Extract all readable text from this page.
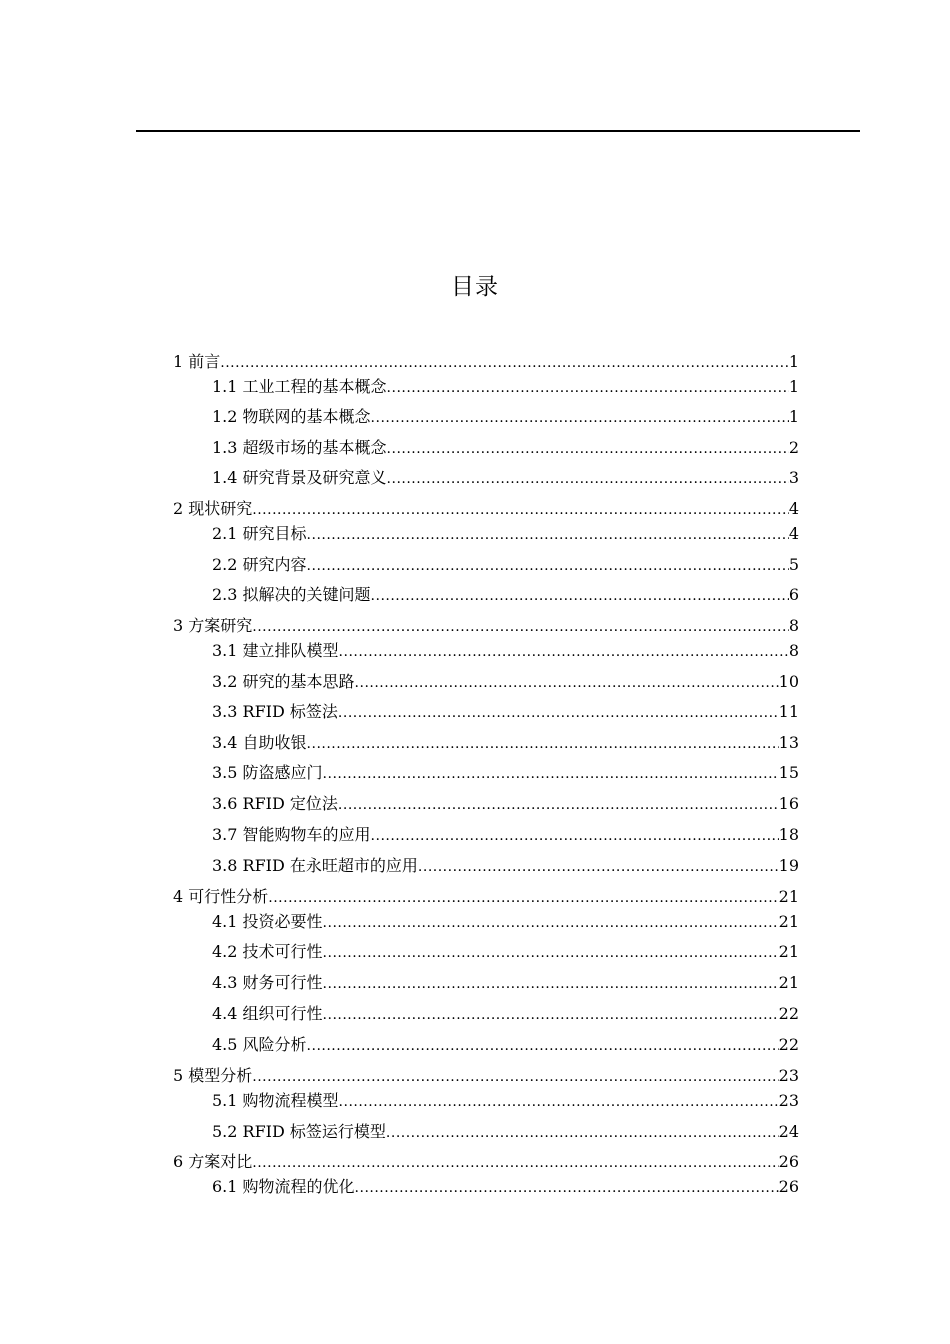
目录
1 前言 .....	1
1.1 工业工程的基本概念 .....	1
1.2 物联网的基本概念 .....	1
1.3 超级市场的基本概念 .....	2
1.4 研究背景及研究意义 .....	3
2 现状研究 .....	4
2.1 研究目标 .....	4
2.2 研究内容 .....	5
2.3 拟解决的关键问题 .....	6
3 方案研究 .....	8
3.1 建立排队模型 .....	8
3.2 研究的基本思路 .....	10
3.3 RFID 标签法 .....	11
3.4 自助收银 .....	13
3.5 防盗感应门 .....	15
3.6 RFID 定位法 .....	16
3.7 智能购物车的应用 .....	18
3.8 RFID 在永旺超市的应用 .....	19
4 可行性分析 .....	21
4.1 投资必要性 .....	21
4.2 技术可行性 .....	21
4.3 财务可行性 .....	21
4.4 组织可行性 .....	22
4.5 风险分析 .....	22
5 模型分析 .....	23
5.1 购物流程模型 .....	23
5.2 RFID 标签运行模型 .....	24
6 方案对比 .....	26
6.1 购物流程的优化 .....	26
